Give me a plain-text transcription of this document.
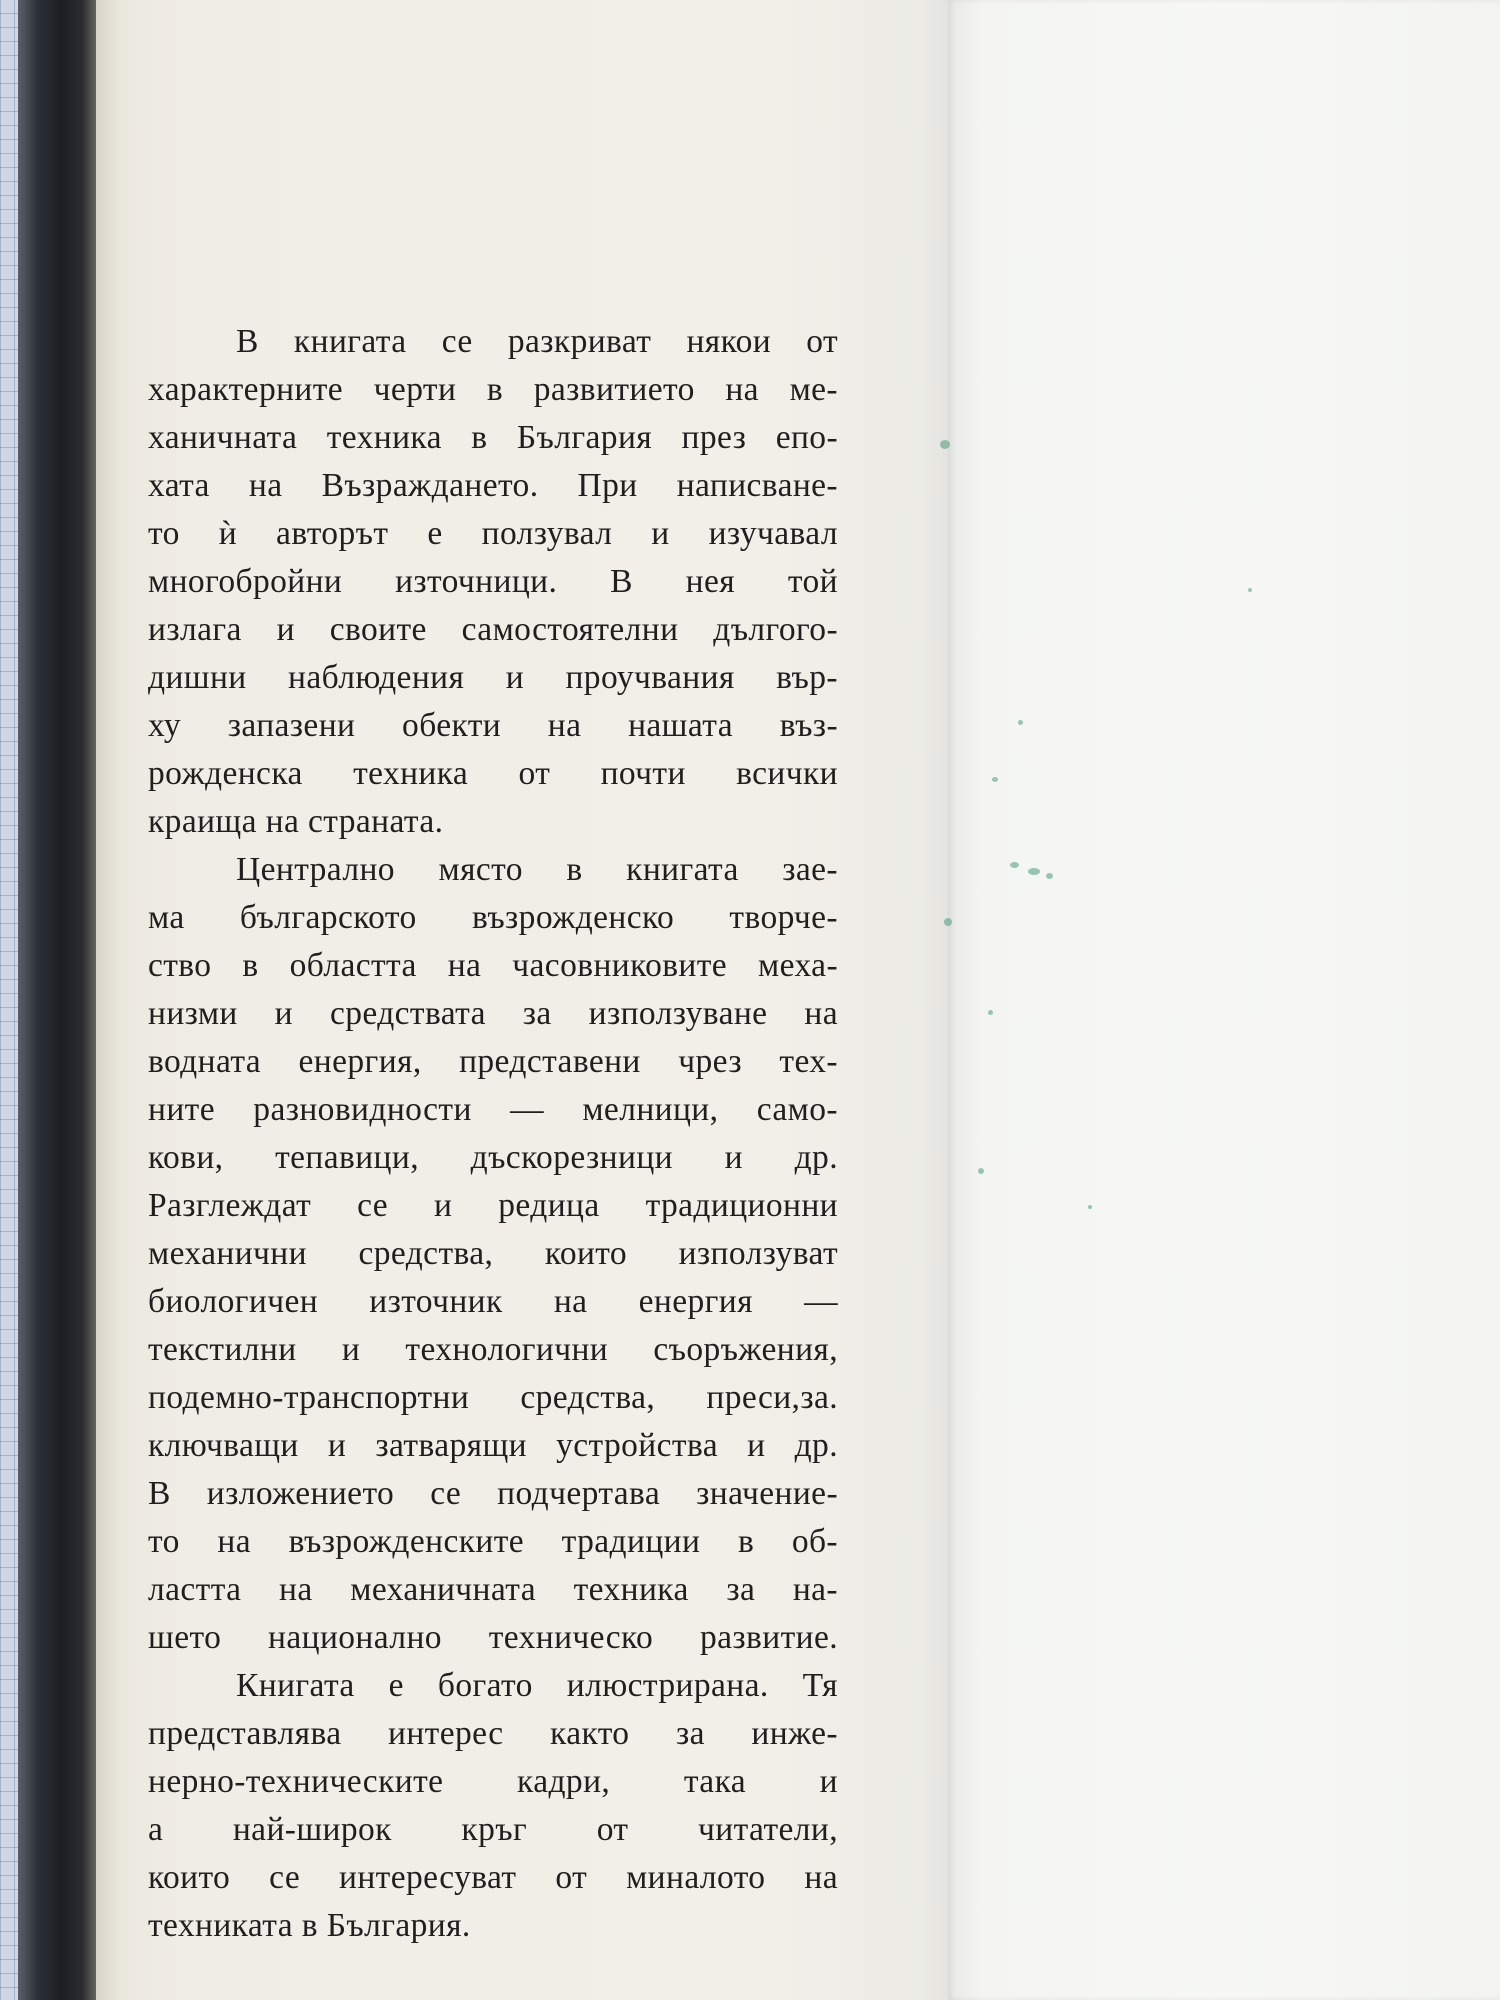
В книгата се разкриват някои от
характерните черти в развитието на ме-
ханичната техника в България през епо-
хата на Възраждането. При написване-
то ѝ авторът е ползувал и изучавал
многобройни източници. В нея той
излага и своите самостоятелни дългого-
дишни наблюдения и проучвания вър-
ху запазени обекти на нашата въз-
рожденска техника от почти всички
краища на страната.
Централно място в книгата зае-
ма българското възрожденско творче-
ство в областта на часовниковите меха-
низми и средствата за използуване на
водната енергия, представени чрез тех-
ните разновидности — мелници, само-
кови, тепавици, дъскорезници и др.
Разглеждат се и редица традиционни
механични средства, които използуват
биологичен източник на енергия —
текстилни и технологични съоръжения,
подемно-транспортни средства, преси,за.
ключващи и затварящи устройства и др.
В изложението се подчертава значение-
то на възрожденските традиции в об-
ластта на механичната техника за на-
шето национално техническо развитие.
Книгата е богато илюстрирана. Тя
представлява интерес както за инже-
нерно-техническите кадри, така и
а най-широк кръг от читатели,
които се интересуват от миналото на
техниката в България.
